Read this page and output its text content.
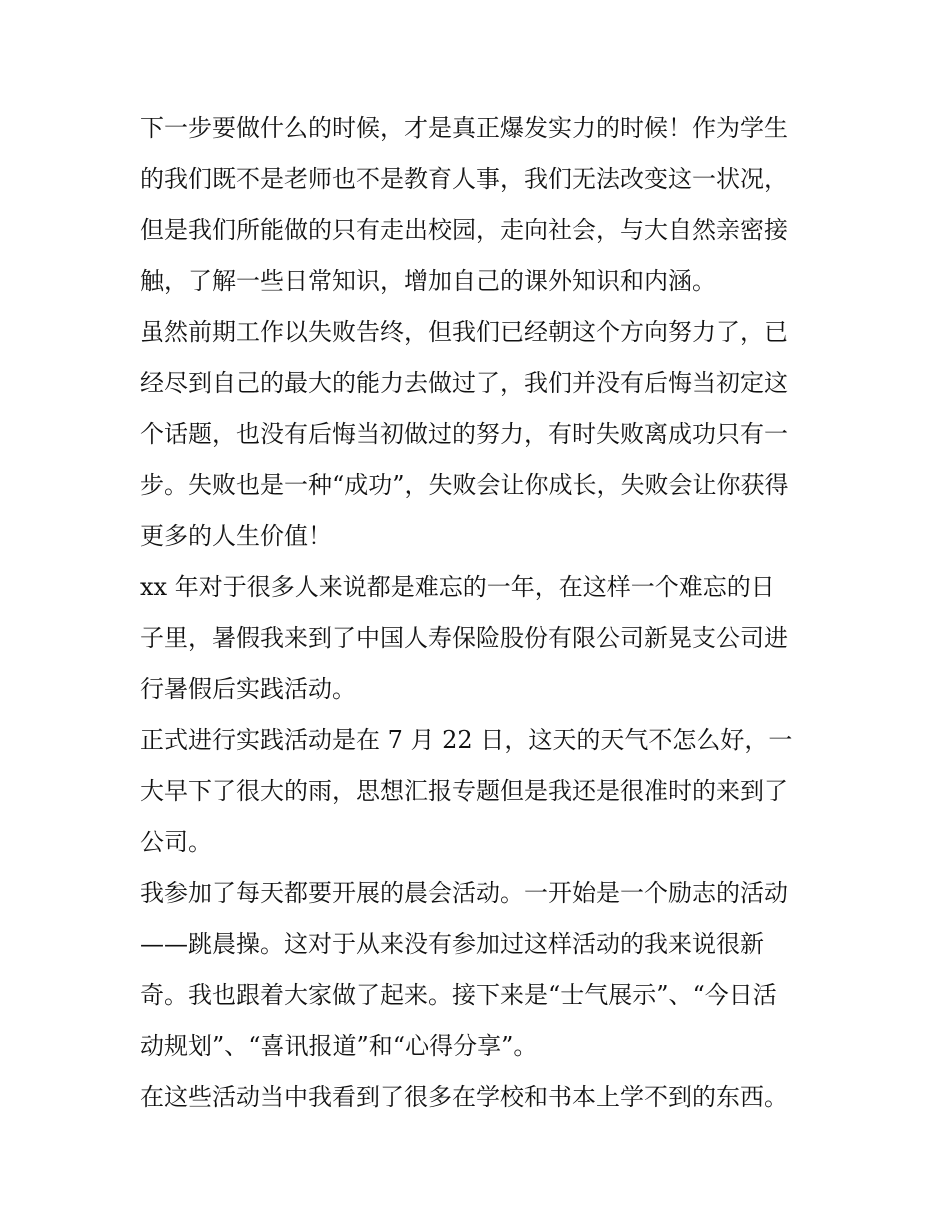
下一步要做什么的时候，才是真正爆发实力的时候！作为学生
的我们既不是老师也不是教育人事，我们无法改变这一状况，
但是我们所能做的只有走出校园，走向社会，与大自然亲密接
触，了解一些日常知识，增加自己的课外知识和内涵。
虽然前期工作以失败告终，但我们已经朝这个方向努力了，已
经尽到自己的最大的能力去做过了，我们并没有后悔当初定这
个话题，也没有后悔当初做过的努力，有时失败离成功只有一
步。失败也是一种“成功”，失败会让你成长，失败会让你获得
更多的人生价值！
xx 年对于很多人来说都是难忘的一年，在这样一个难忘的日
子里，暑假我来到了中国人寿保险股份有限公司新晃支公司进
行暑假后实践活动。
正式进行实践活动是在 7 月 22 日，这天的天气不怎么好，一
大早下了很大的雨，思想汇报专题但是我还是很准时的来到了
公司。
我参加了每天都要开展的晨会活动。一开始是一个励志的活动
——跳晨操。这对于从来没有参加过这样活动的我来说很新
奇。我也跟着大家做了起来。接下来是“士气展示”、“今日活
动规划”、“喜讯报道”和“心得分享”。
在这些活动当中我看到了很多在学校和书本上学不到的东西。
